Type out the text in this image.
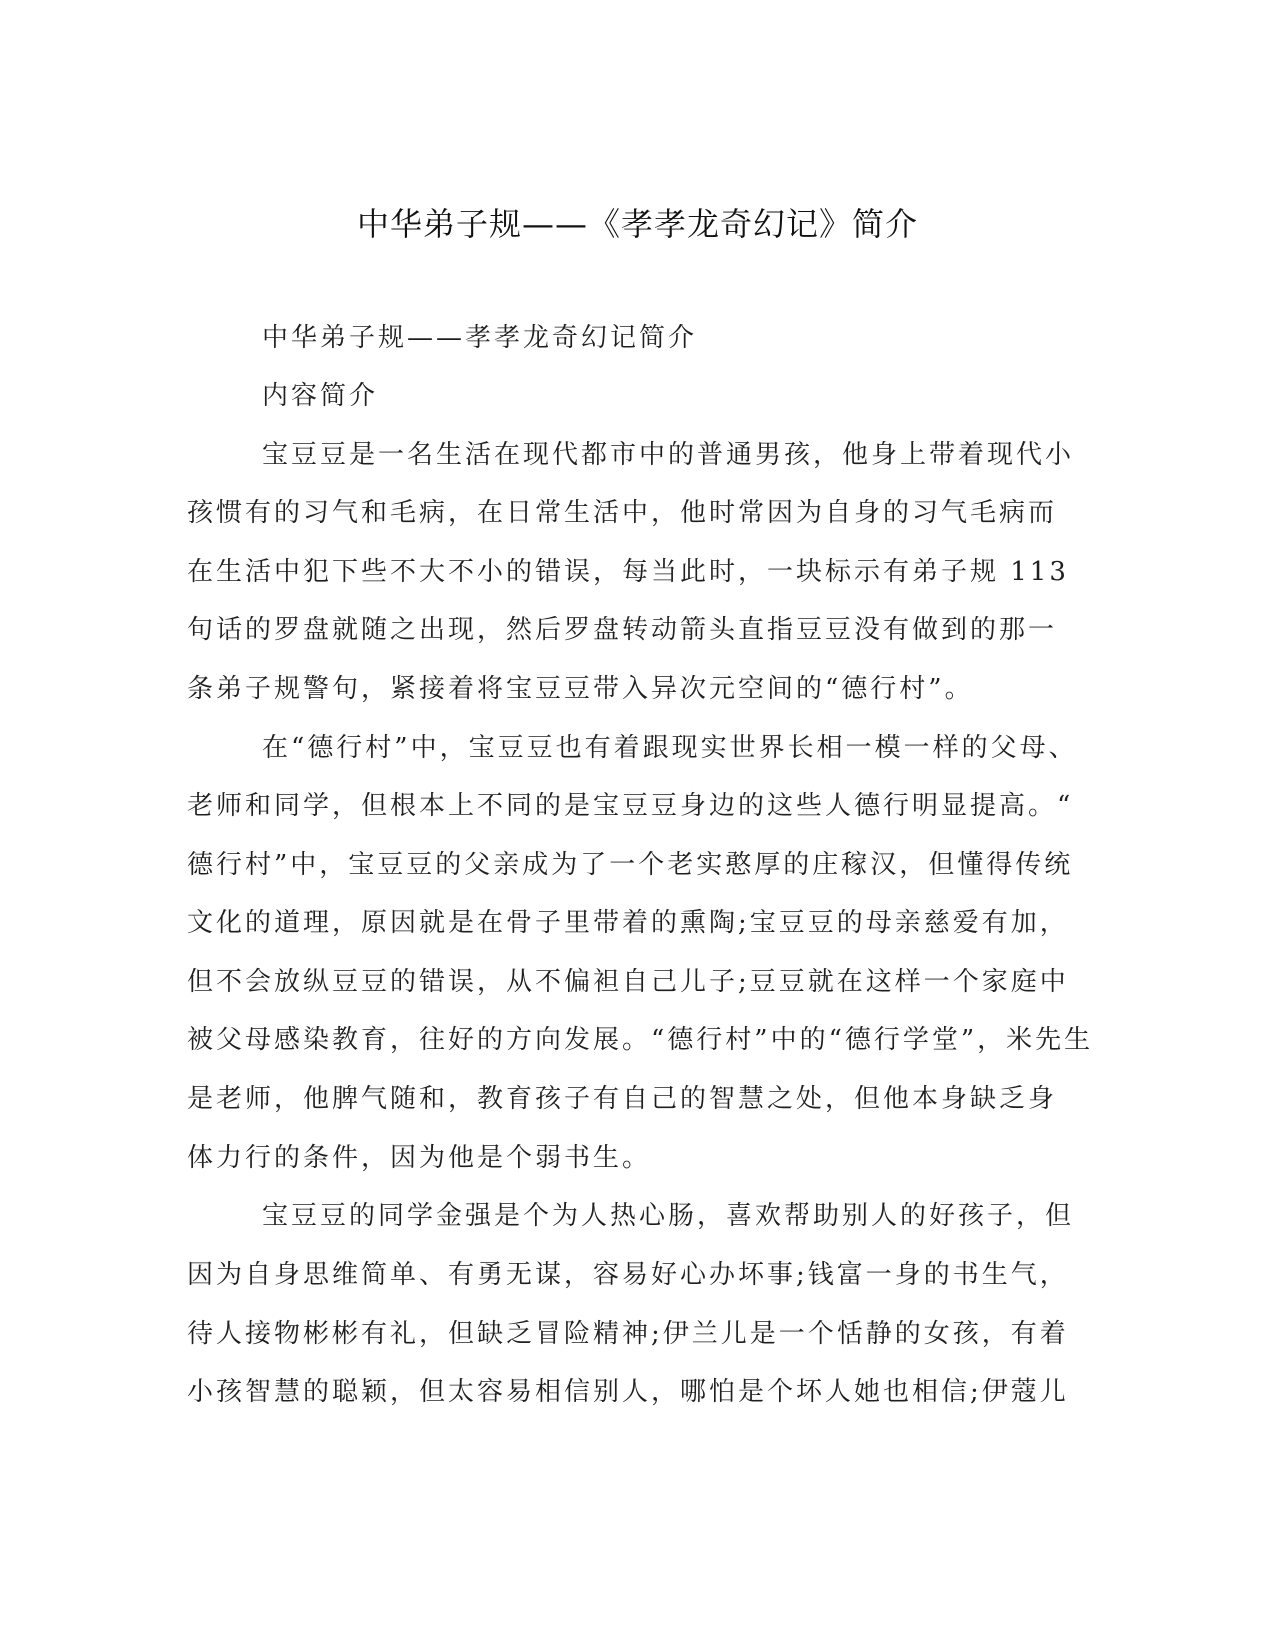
中华弟子规——《孝孝龙奇幻记》简介

中华弟子规——孝孝龙奇幻记简介

内容简介

宝豆豆是一名生活在现代都市中的普通男孩，他身上带着现代小

孩惯有的习气和毛病，在日常生活中，他时常因为自身的习气毛病而

在生活中犯下些不大不小的错误，每当此时，一块标示有弟子规 113

句话的罗盘就随之出现，然后罗盘转动箭头直指豆豆没有做到的那一

条弟子规警句，紧接着将宝豆豆带入异次元空间的“德行村”。

在“德行村”中，宝豆豆也有着跟现实世界长相一模一样的父母、

老师和同学，但根本上不同的是宝豆豆身边的这些人德行明显提高。“

德行村”中，宝豆豆的父亲成为了一个老实憨厚的庄稼汉，但懂得传统

文化的道理，原因就是在骨子里带着的熏陶;宝豆豆的母亲慈爱有加，

但不会放纵豆豆的错误，从不偏袒自己儿子;豆豆就在这样一个家庭中

被父母感染教育，往好的方向发展。“德行村”中的“德行学堂”，米先生

是老师，他脾气随和，教育孩子有自己的智慧之处，但他本身缺乏身

体力行的条件，因为他是个弱书生。

宝豆豆的同学金强是个为人热心肠，喜欢帮助别人的好孩子，但

因为自身思维简单、有勇无谋，容易好心办坏事;钱富一身的书生气，

待人接物彬彬有礼，但缺乏冒险精神;伊兰儿是一个恬静的女孩，有着

小孩智慧的聪颖，但太容易相信别人，哪怕是个坏人她也相信;伊蔻儿
